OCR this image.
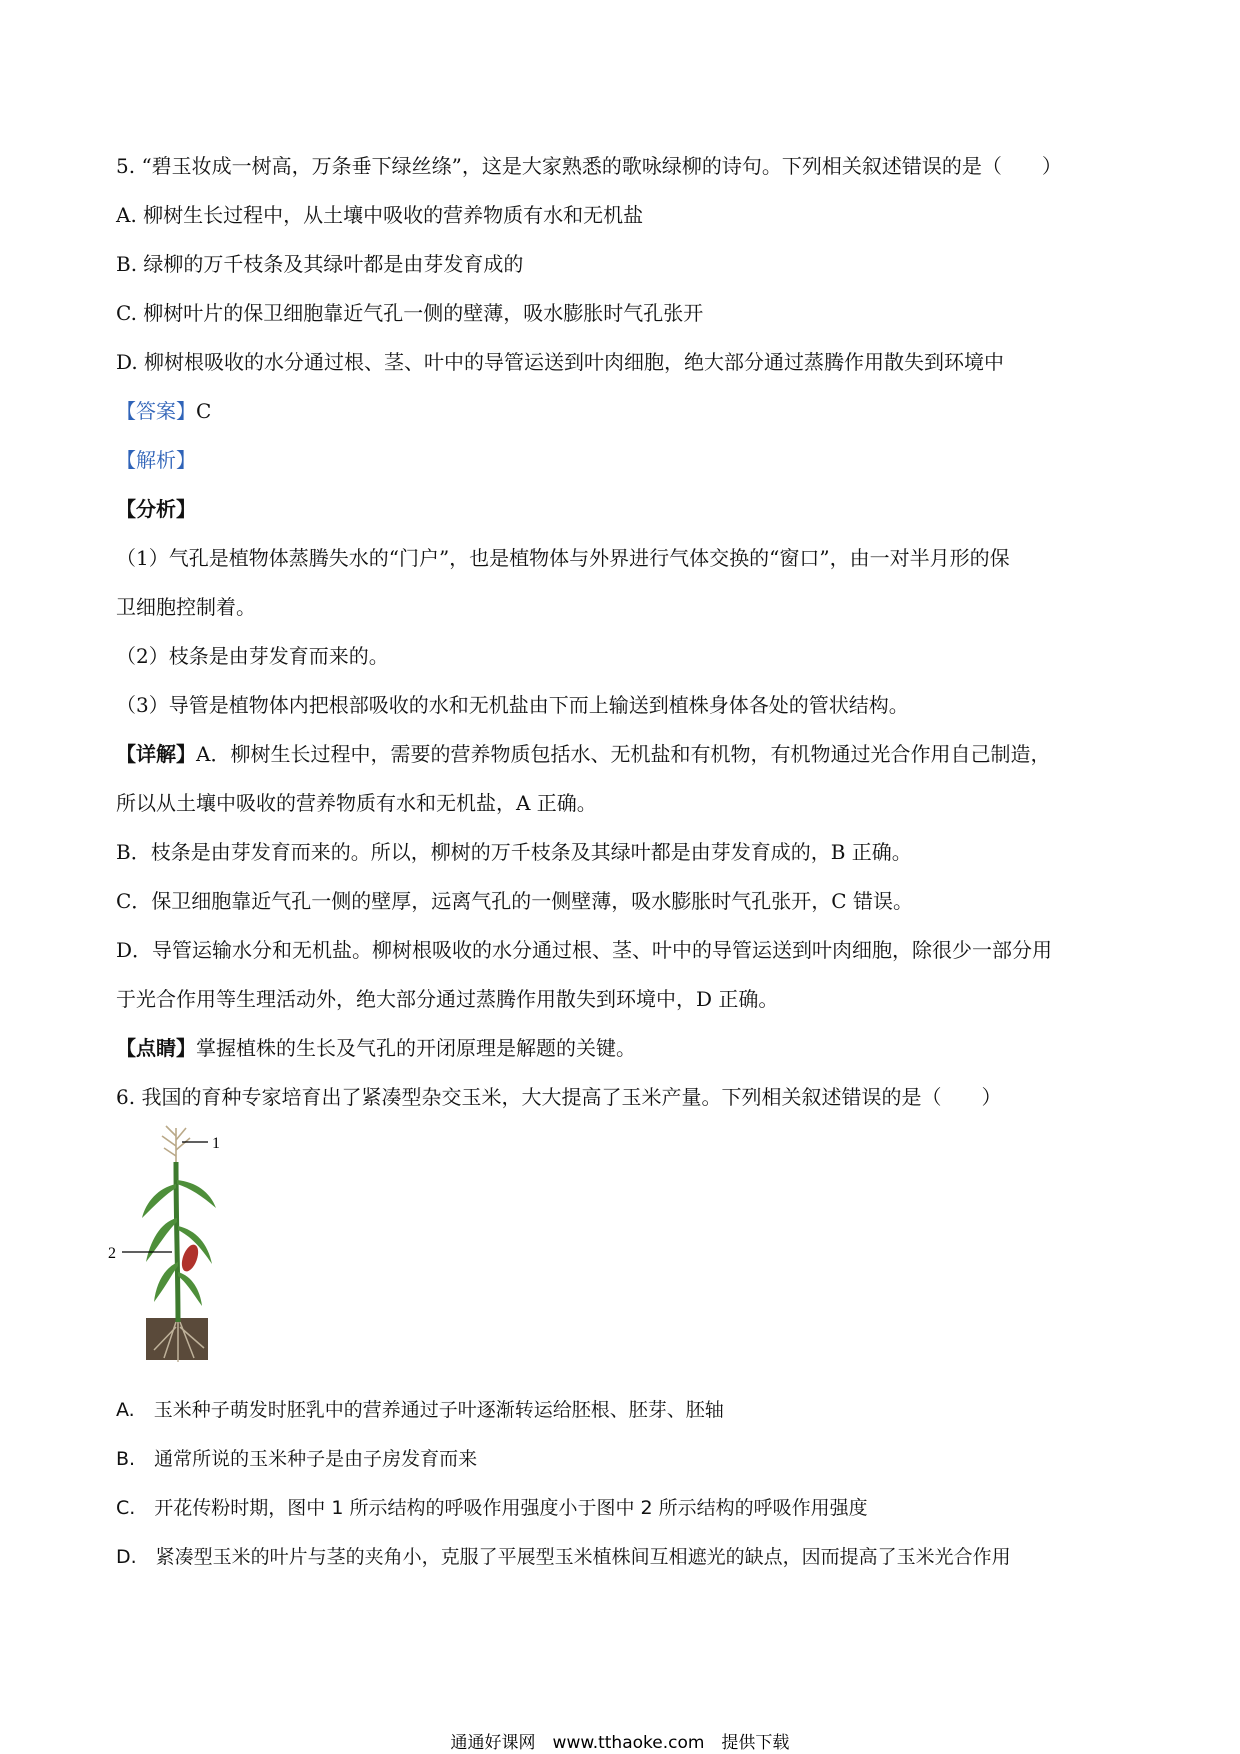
5. “碧玉妆成一树高，万条垂下绿丝绦”，这是大家熟悉的歌咏绿柳的诗句。下列相关叙述错误的是（　　）
A. 柳树生长过程中，从土壤中吸收的营养物质有水和无机盐
B. 绿柳的万千枝条及其绿叶都是由芽发育成的
C. 柳树叶片的保卫细胞靠近气孔一侧的壁薄，吸水膨胀时气孔张开
D. 柳树根吸收的水分通过根、茎、叶中的导管运送到叶肉细胞，绝大部分通过蒸腾作用散失到环境中
【答案】C
【解析】
【分析】
（1）气孔是植物体蒸腾失水的“门户”，也是植物体与外界进行气体交换的“窗口”，由一对半月形的保
卫细胞控制着。
（2）枝条是由芽发育而来的。
（3）导管是植物体内把根部吸收的水和无机盐由下而上输送到植株身体各处的管状结构。
【详解】A．柳树生长过程中，需要的营养物质包括水、无机盐和有机物，有机物通过光合作用自己制造，
所以从土壤中吸收的营养物质有水和无机盐，A 正确。
B．枝条是由芽发育而来的。所以，柳树的万千枝条及其绿叶都是由芽发育成的，B 正确。
C．保卫细胞靠近气孔一侧的壁厚，远离气孔的一侧壁薄，吸水膨胀时气孔张开，C 错误。
D．导管运输水分和无机盐。柳树根吸收的水分通过根、茎、叶中的导管运送到叶肉细胞，除很少一部分用
于光合作用等生理活动外，绝大部分通过蒸腾作用散失到环境中，D 正确。
【点睛】掌握植株的生长及气孔的开闭原理是解题的关键。
6. 我国的育种专家培育出了紧凑型杂交玉米，大大提高了玉米产量。下列相关叙述错误的是（　　）
1
2
A.　玉米种子萌发时胚乳中的营养通过子叶逐渐转运给胚根、胚芽、胚轴
B.　通常所说的玉米种子是由子房发育而来
C.　开花传粉时期，图中 1 所示结构的呼吸作用强度小于图中 2 所示结构的呼吸作用强度
D.　紧凑型玉米的叶片与茎的夹角小，克服了平展型玉米植株间互相遮光的缺点，因而提高了玉米光合作用
通通好课网　www.tthaoke.com　提供下载
